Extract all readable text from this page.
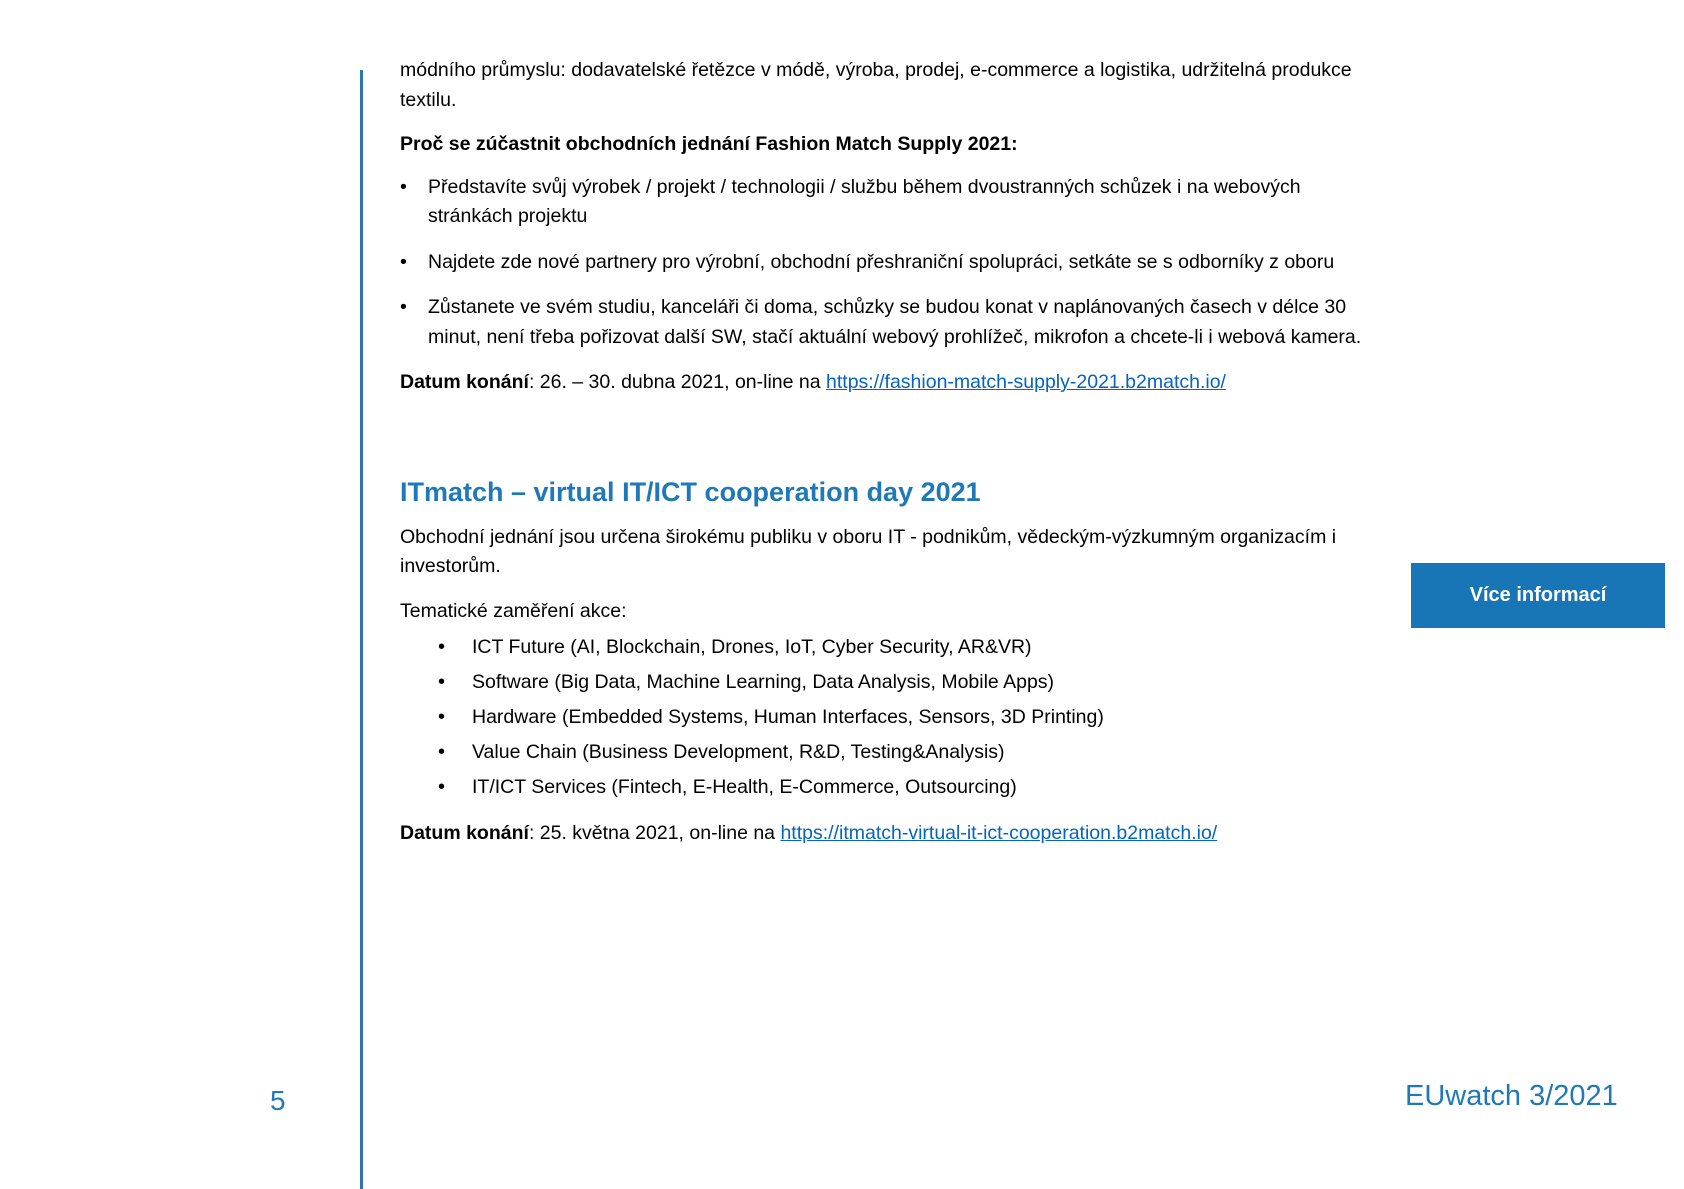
módního průmyslu: dodavatelské řetězce v módě, výroba, prodej, e-commerce a logistika, udržitelná produkce textilu.

Proč se zúčastnit obchodních jednání Fashion Match Supply 2021:

• Představíte svůj výrobek / projekt / technologii / službu během dvoustranných schůzek i na webových stránkách projektu
• Najdete zde nové partnery pro výrobní, obchodní přeshraniční spolupráci, setkáte se s odborníky z oboru
• Zůstanete ve svém studiu, kanceláři či doma, schůzky se budou konat v naplánovaných časech v délce 30 minut, není třeba pořizovat další SW, stačí aktuální webový prohlížeč, mikrofon a chcete-li i webová kamera.

Datum konání: 26. – 30. dubna 2021, on-line na https://fashion-match-supply-2021.b2match.io/

ITmatch – virtual IT/ICT cooperation day 2021

Obchodní jednání jsou určena širokému publiku v oboru IT - podnikům, vědeckým-výzkumným organizacím i investorům.

Tematické zaměření akce:

• ICT Future (AI, Blockchain, Drones, IoT, Cyber Security, AR&VR)
• Software (Big Data, Machine Learning, Data Analysis, Mobile Apps)
• Hardware (Embedded Systems, Human Interfaces, Sensors, 3D Printing)
• Value Chain (Business Development, R&D, Testing&Analysis)
• IT/ICT Services (Fintech, E-Health, E-Commerce, Outsourcing)

Datum konání: 25. května 2021, on-line na https://itmatch-virtual-it-ict-cooperation.b2match.io/

Více informací
5	EUwatch 3/2021
